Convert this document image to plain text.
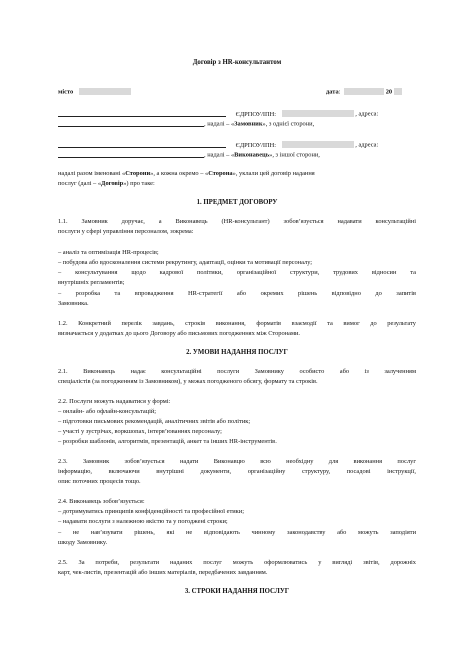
Договір з HR-консультантом
місто	дата:	20
ЄДРПОУ/ІПН:	, адреса:
, надалі – «Замовник», з однієї сторони,
ЄДРПОУ/ІПН:	, адреса:
, надалі – «Виконавець», з іншої сторони,
надалі разом іменовані «Сторони», а кожна окремо – «Сторона», уклали цей договір надання
послуг (далі – «Договір») про таке:
1. ПРЕДМЕТ ДОГОВОРУ
1.1. Замовник доручає, а Виконавець (HR-консультант) зобов’язується надавати консультаційні
послуги у сфері управління персоналом, зокрема:
– аналіз та оптимізація HR-процесів;
– побудова або вдосконалення системи рекрутингу, адаптації, оцінки та мотивації персоналу;
– консультування щодо кадрової політики, організаційної структури, трудових відносин та
внутрішніх регламентів;
– розробка та впровадження HR-стратегії або окремих рішень відповідно до запитів
Замовника.
1.2. Конкретний перелік завдань, строків виконання, форматів взаємодії та вимог до результату
визначається у додатках до цього Договору або письмових погодженнях між Сторонами.
2. УМОВИ НАДАННЯ ПОСЛУГ
2.1. Виконавець надає консультаційні послуги Замовнику особисто або із залученням
спеціалістів (за погодженням із Замовником), у межах погодженого обсягу, формату та строків.
2.2. Послуги можуть надаватися у формі:
– онлайн- або офлайн-консультацій;
– підготовки письмових рекомендацій, аналітичних звітів або політик;
– участі у зустрічах, воркшопах, інтерв’юваннях персоналу;
– розробки шаблонів, алгоритмів, презентацій, анкет та інших HR-інструментів.
2.3. Замовник зобов’язується надати Виконавцю всю необхідну для виконання послуг
інформацію, включаючи внутрішні документи, організаційну структуру, посадові інструкції,
опис поточних процесів тощо.
2.4. Виконавець зобов’язується:
– дотримуватись принципів конфіденційності та професійної етики;
– надавати послуги з належною якістю та у погоджені строки;
– не нав’язувати рішень, які не відповідають чинному законодавству або можуть заподіяти
шкоду Замовнику.
2.5. За потреби, результати наданих послуг можуть оформлюватись у вигляді звітів, дорожніх
карт, чек-листів, презентацій або інших матеріалів, передбачених завданням.
3. СТРОКИ НАДАННЯ ПОСЛУГ
